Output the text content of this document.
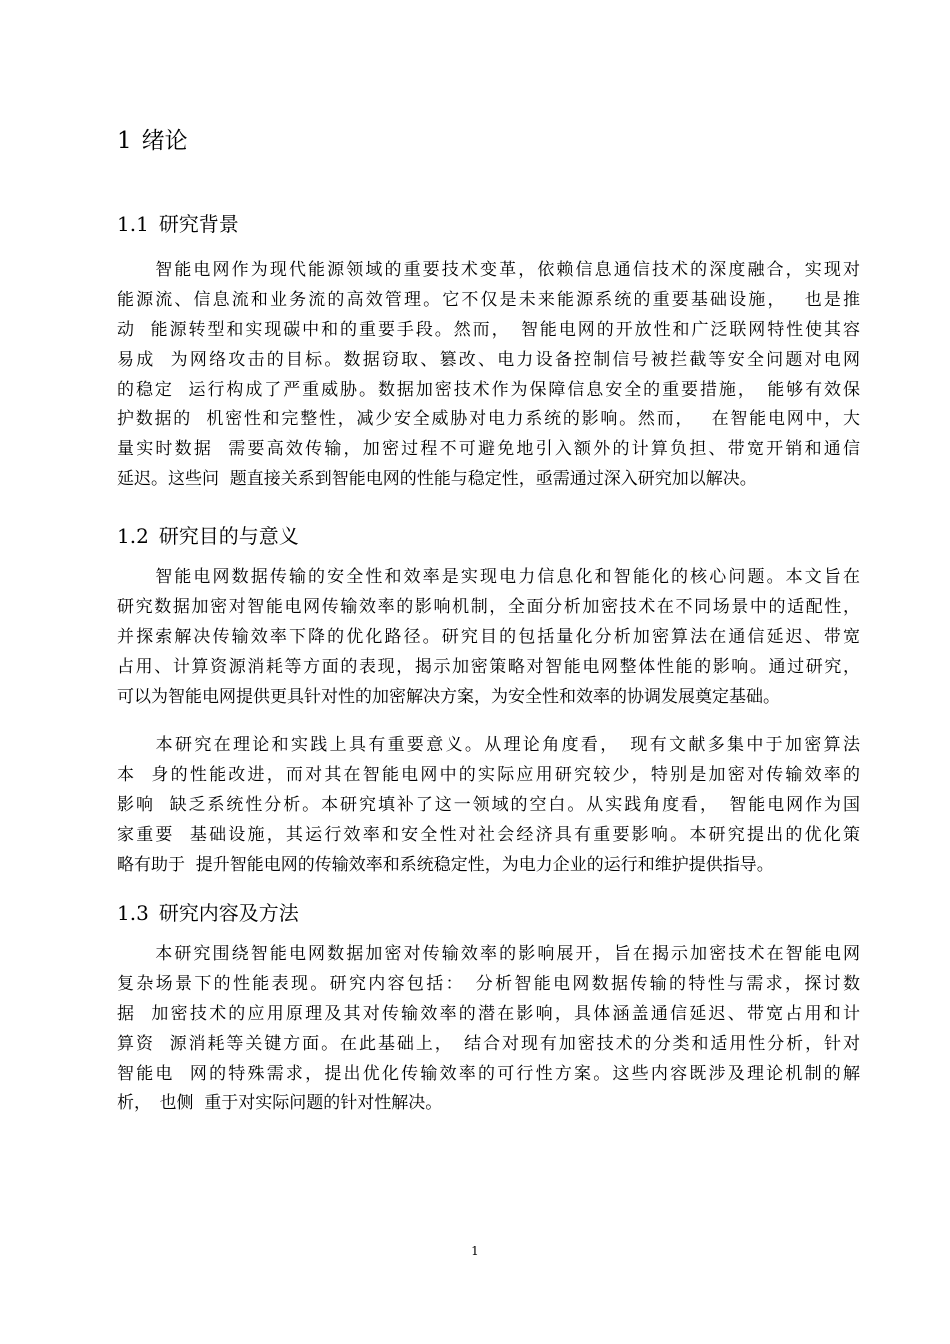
1 绪论
1.1 研究背景
　　智能电网作为现代能源领域的重要技术变革，依赖信息通信技术的深度融合，实现对
能源流、信息流和业务流的高效管理。它不仅是未来能源系统的重要基础设施，　 也是推
动  能源转型和实现碳中和的重要手段。然而，　智能电网的开放性和广泛联网特性使其容
易成  为网络攻击的目标。数据窃取、篡改、电力设备控制信号被拦截等安全问题对电网
的稳定  运行构成了严重威胁。数据加密技术作为保障信息安全的重要措施，　能够有效保
护数据的  机密性和完整性，减少安全威胁对电力系统的影响。然而，　 在智能电网中，大
量实时数据  需要高效传输，加密过程不可避免地引入额外的计算负担、带宽开销和通信
延迟。这些问  题直接关系到智能电网的性能与稳定性，亟需通过深入研究加以解决。
1.2 研究目的与意义
　　智能电网数据传输的安全性和效率是实现电力信息化和智能化的核心问题。本文旨在
研究数据加密对智能电网传输效率的影响机制，全面分析加密技术在不同场景中的适配性，
并探索解决传输效率下降的优化路径。研究目的包括量化分析加密算法在通信延迟、带宽
占用、计算资源消耗等方面的表现，揭示加密策略对智能电网整体性能的影响。通过研究，
可以为智能电网提供更具针对性的加密解决方案，为安全性和效率的协调发展奠定基础。
　　本研究在理论和实践上具有重要意义。从理论角度看，　现有文献多集中于加密算法
本  身的性能改进，而对其在智能电网中的实际应用研究较少，特别是加密对传输效率的
影响  缺乏系统性分析。本研究填补了这一领域的空白。从实践角度看，　智能电网作为国
家重要  基础设施，其运行效率和安全性对社会经济具有重要影响。本研究提出的优化策
略有助于  提升智能电网的传输效率和系统稳定性，为电力企业的运行和维护提供指导。
1.3 研究内容及方法
　　本研究围绕智能电网数据加密对传输效率的影响展开，旨在揭示加密技术在智能电网
复杂场景下的性能表现。研究内容包括：　分析智能电网数据传输的特性与需求，探讨数
据  加密技术的应用原理及其对传输效率的潜在影响，具体涵盖通信延迟、带宽占用和计
算资  源消耗等关键方面。在此基础上，　结合对现有加密技术的分类和适用性分析，针对
智能电  网的特殊需求，提出优化传输效率的可行性方案。这些内容既涉及理论机制的解
析，　也侧  重于对实际问题的针对性解决。
1
